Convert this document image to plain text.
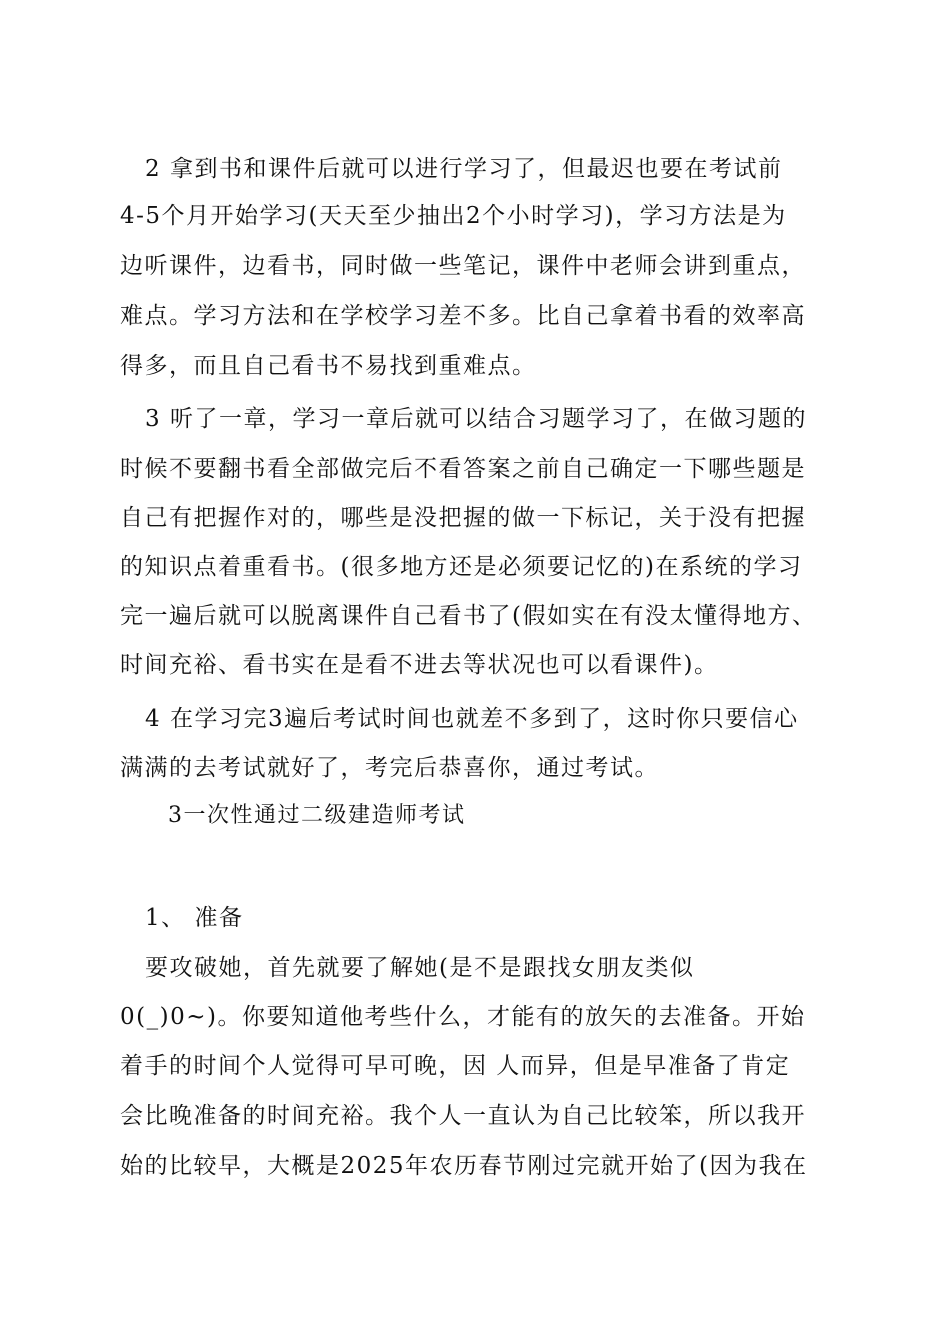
2 拿到书和课件后就可以进行学习了，但最迟也要在考试前
4-5个月开始学习(天天至少抽出2个小时学习)，学习方法是为
边听课件，边看书，同时做一些笔记，课件中老师会讲到重点，
难点。学习方法和在学校学习差不多。比自己拿着书看的效率高
得多，而且自己看书不易找到重难点。
3 听了一章，学习一章后就可以结合习题学习了，在做习题的
时候不要翻书看全部做完后不看答案之前自己确定一下哪些题是
自己有把握作对的，哪些是没把握的做一下标记，关于没有把握
的知识点着重看书。(很多地方还是必须要记忆的)在系统的学习
完一遍后就可以脱离课件自己看书了(假如实在有没太懂得地方、
时间充裕、看书实在是看不进去等状况也可以看课件)。
4 在学习完3遍后考试时间也就差不多到了，这时你只要信心
满满的去考试就好了，考完后恭喜你，通过考试。
3一次性通过二级建造师考试
1、 准备
要攻破她，首先就要了解她(是不是跟找女朋友类似
0(_)0~)。你要知道他考些什么，才能有的放矢的去准备。开始
着手的时间个人觉得可早可晚，因 人而异，但是早准备了肯定
会比晚准备的时间充裕。我个人一直认为自己比较笨，所以我开
始的比较早，大概是2025年农历春节刚过完就开始了(因为我在
